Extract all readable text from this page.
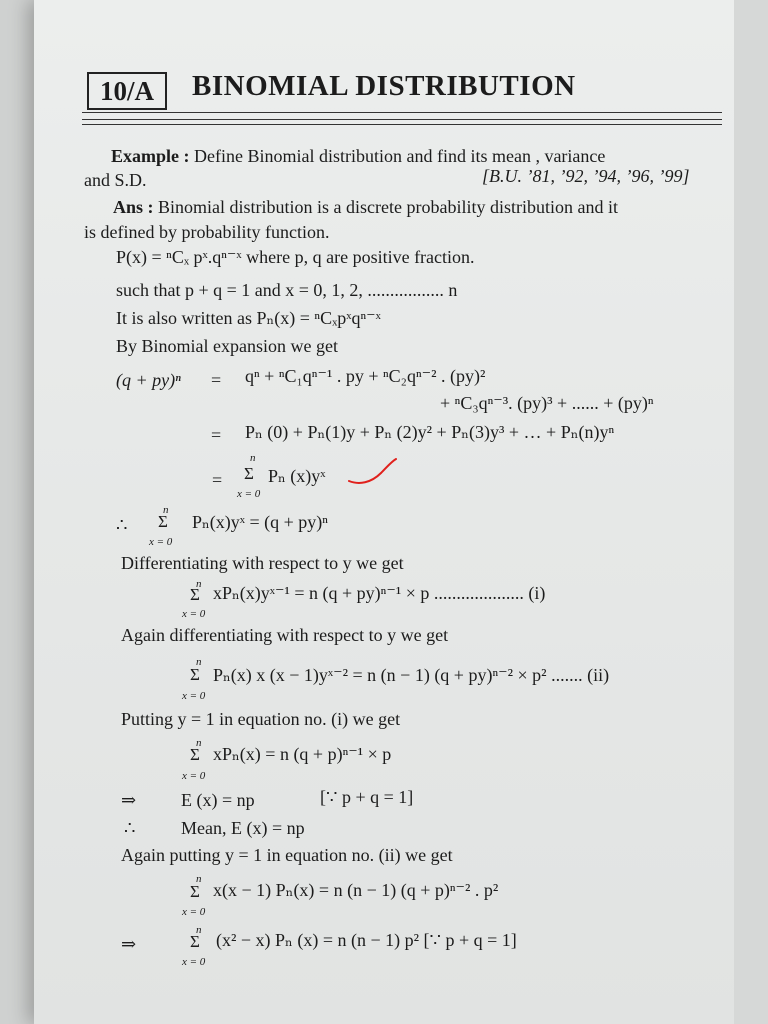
10/A	BINOMIAL DISTRIBUTION
Example : Define Binomial distribution and find its mean , variance
and S.D.	[B.U. ’81, ’92, ’94, ’96, ’99]
Ans : Binomial distribution is a discrete probability distribution and it
is defined by probability function.
P(x) = ⁿCₓ pˣ.qⁿ⁻ˣ where p, q are positive fraction.
such that p + q = 1 and x = 0, 1, 2, ................. n
It is also written as Pₙ(x) = ⁿCₓpˣqⁿ⁻ˣ
By Binomial expansion we get
(q + py)ⁿ = qⁿ + ⁿC₁qⁿ⁻¹ . py + ⁿC₂qⁿ⁻² . (py)²
+ ⁿC₃qⁿ⁻³. (py)³ + ...... + (py)ⁿ
= Pₙ (0) + Pₙ(1)y + Pₙ (2)y² + Pₙ(3)y³ + … + Pₙ(n)yⁿ
=
n
Σ
x = 0
Pₙ (x)yˣ
∴
n
Σ
x = 0
Pₙ(x)yˣ = (q + py)ⁿ
Differentiating with respect to y we get
n
Σ
x = 0
xPₙ(x)yˣ⁻¹ = n (q + py)ⁿ⁻¹ × p .................... (i)
Again differentiating with respect to y we get
n
Σ
x = 0
Pₙ(x) x (x − 1)yˣ⁻² = n (n − 1) (q + py)ⁿ⁻² × p² ....... (ii)
Putting y = 1 in equation no. (i) we get
n
Σ
x = 0
xPₙ(x) = n (q + p)ⁿ⁻¹ × p
⇒ E (x) = np	[∵ p + q = 1]
∴	Mean, E (x) = np
Again putting y = 1 in equation no. (ii) we get
n
Σ
x = 0
x(x − 1) Pₙ(x) = n (n − 1) (q + p)ⁿ⁻² . p²
⇒
n
Σ
x = 0
(x² − x) Pₙ (x) = n (n − 1) p² [∵ p + q = 1]
